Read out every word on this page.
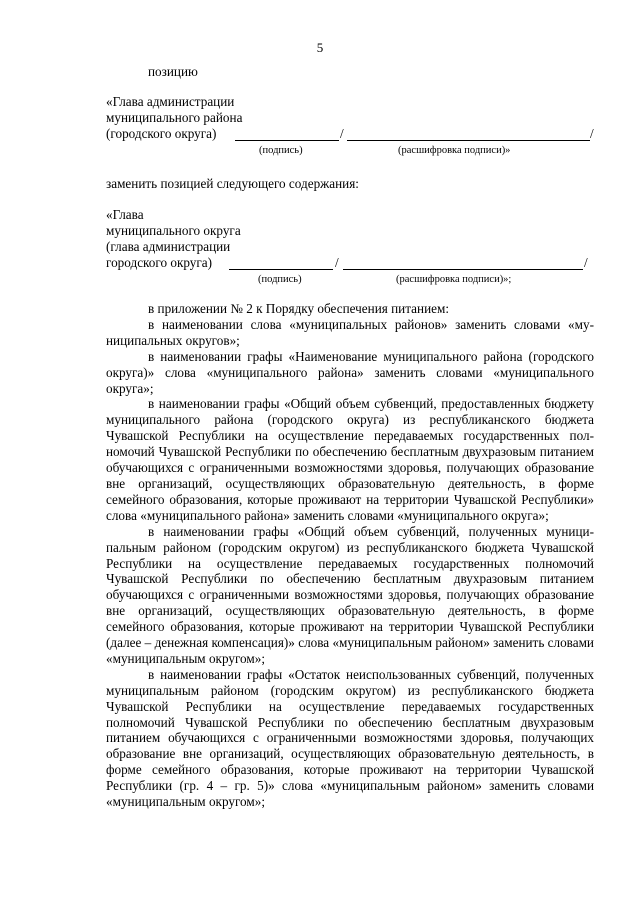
5
позицию
«Глава администрации
муниципального района
(городского округа)	/	/
(подпись)	(расшифровка подписи)»
заменить позицией следующего содержания:
«Глава
муниципального округа
(глава администрации
городского округа)	/	/
(подпись)	(расшифровка подписи)»;

в приложении № 2 к Порядку обеспечения питанием:

в наименовании слова «муниципальных районов» заменить словами «муниципальных округов»;

в наименовании графы «Наименование муниципального района (городского округа)» слова «муниципального района» заменить словами «муниципального округа»;

в наименовании графы «Общий объем субвенций, предоставленных бюджету муниципального района (городского округа) из республиканского бюджета Чувашской Республики на осуществление передаваемых государственных полномочий Чувашской Республики по обеспечению бесплатным двухразовым питанием обучающихся с ограниченными возможностями здоровья, получающих образование вне организаций, осуществляющих образовательную деятельность, в форме семейного образования, которые проживают на территории Чувашской Республики» слова «муниципального района» заменить словами «муниципального округа»;

в наименовании графы «Общий объем субвенций, полученных муниципальным районом (городским округом) из республиканского бюджета Чувашской Республики на осуществление передаваемых государственных полномочий Чувашской Республики по обеспечению бесплатным двухразовым питанием обучающихся с ограниченными возможностями здоровья, получающих образование вне организаций, осуществляющих образовательную деятельность, в форме семейного образования, которые проживают на территории Чувашской Республики (далее – денежная компенсация)» слова «муниципальным районом» заменить словами «муниципальным округом»;

в наименовании графы «Остаток неиспользованных субвенций, полученных муниципальным районом (городским округом) из республиканского бюджета Чувашской Республики на осуществление передаваемых государственных полномочий Чувашской Республики по обеспечению бесплатным двухразовым питанием обучающихся с ограниченными возможностями здоровья, получающих образование вне организаций, осуществляющих образовательную деятельность, в форме семейного образования, которые проживают на территории Чувашской Республики (гр. 4 – гр. 5)» слова «муниципальным районом» заменить словами «муниципальным округом»;
